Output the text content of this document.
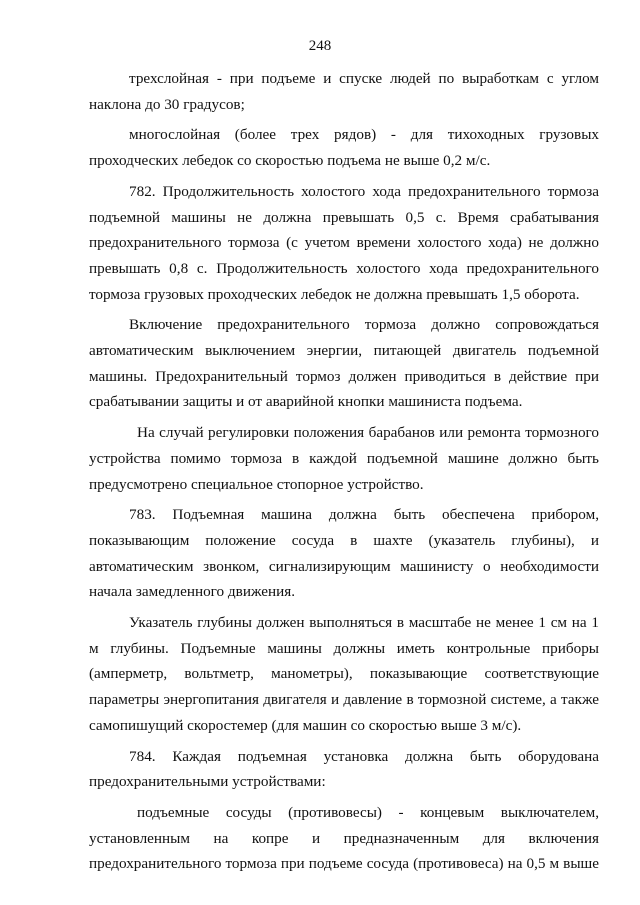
248

трехслойная - при подъеме и спуске людей по выработкам с углом наклона до 30 градусов;

многослойная (более трех рядов) - для тихоходных грузовых проходческих лебедок со скоростью подъема не выше 0,2 м/с.

782. Продолжительность холостого хода предохранительного тормоза подъемной машины не должна превышать 0,5 с. Время срабатывания предохранительного тормоза (с учетом времени холостого хода) не должно превышать 0,8 с. Продолжительность холостого хода предохранительного тормоза грузовых проходческих лебедок не должна превышать 1,5 оборота.

Включение предохранительного тормоза должно сопровождаться автоматическим выключением энергии, питающей двигатель подъемной машины. Предохранительный тормоз должен приводиться в действие при срабатывании защиты и от аварийной кнопки машиниста подъема.

На случай регулировки положения барабанов или ремонта тормозного устройства помимо тормоза в каждой подъемной машине должно быть предусмотрено специальное стопорное устройство.

783. Подъемная машина должна быть обеспечена прибором, показывающим положение сосуда в шахте (указатель глубины), и автоматическим звонком, сигнализирующим машинисту о необходимости начала замедленного движения.

Указатель глубины должен выполняться в масштабе не менее 1 см на 1 м глубины. Подъемные машины должны иметь контрольные приборы (амперметр, вольтметр, манометры), показывающие соответствующие параметры энергопитания двигателя и давление в тормозной системе, а также самопишущий скоростемер (для машин со скоростью выше 3 м/с).

784. Каждая подъемная установка должна быть оборудована предохранительными устройствами:

подъемные сосуды (противовесы) - концевым выключателем, установленным на копре и предназначенным для включения предохранительного тормоза при подъеме сосуда (противовеса) на 0,5 м выше
